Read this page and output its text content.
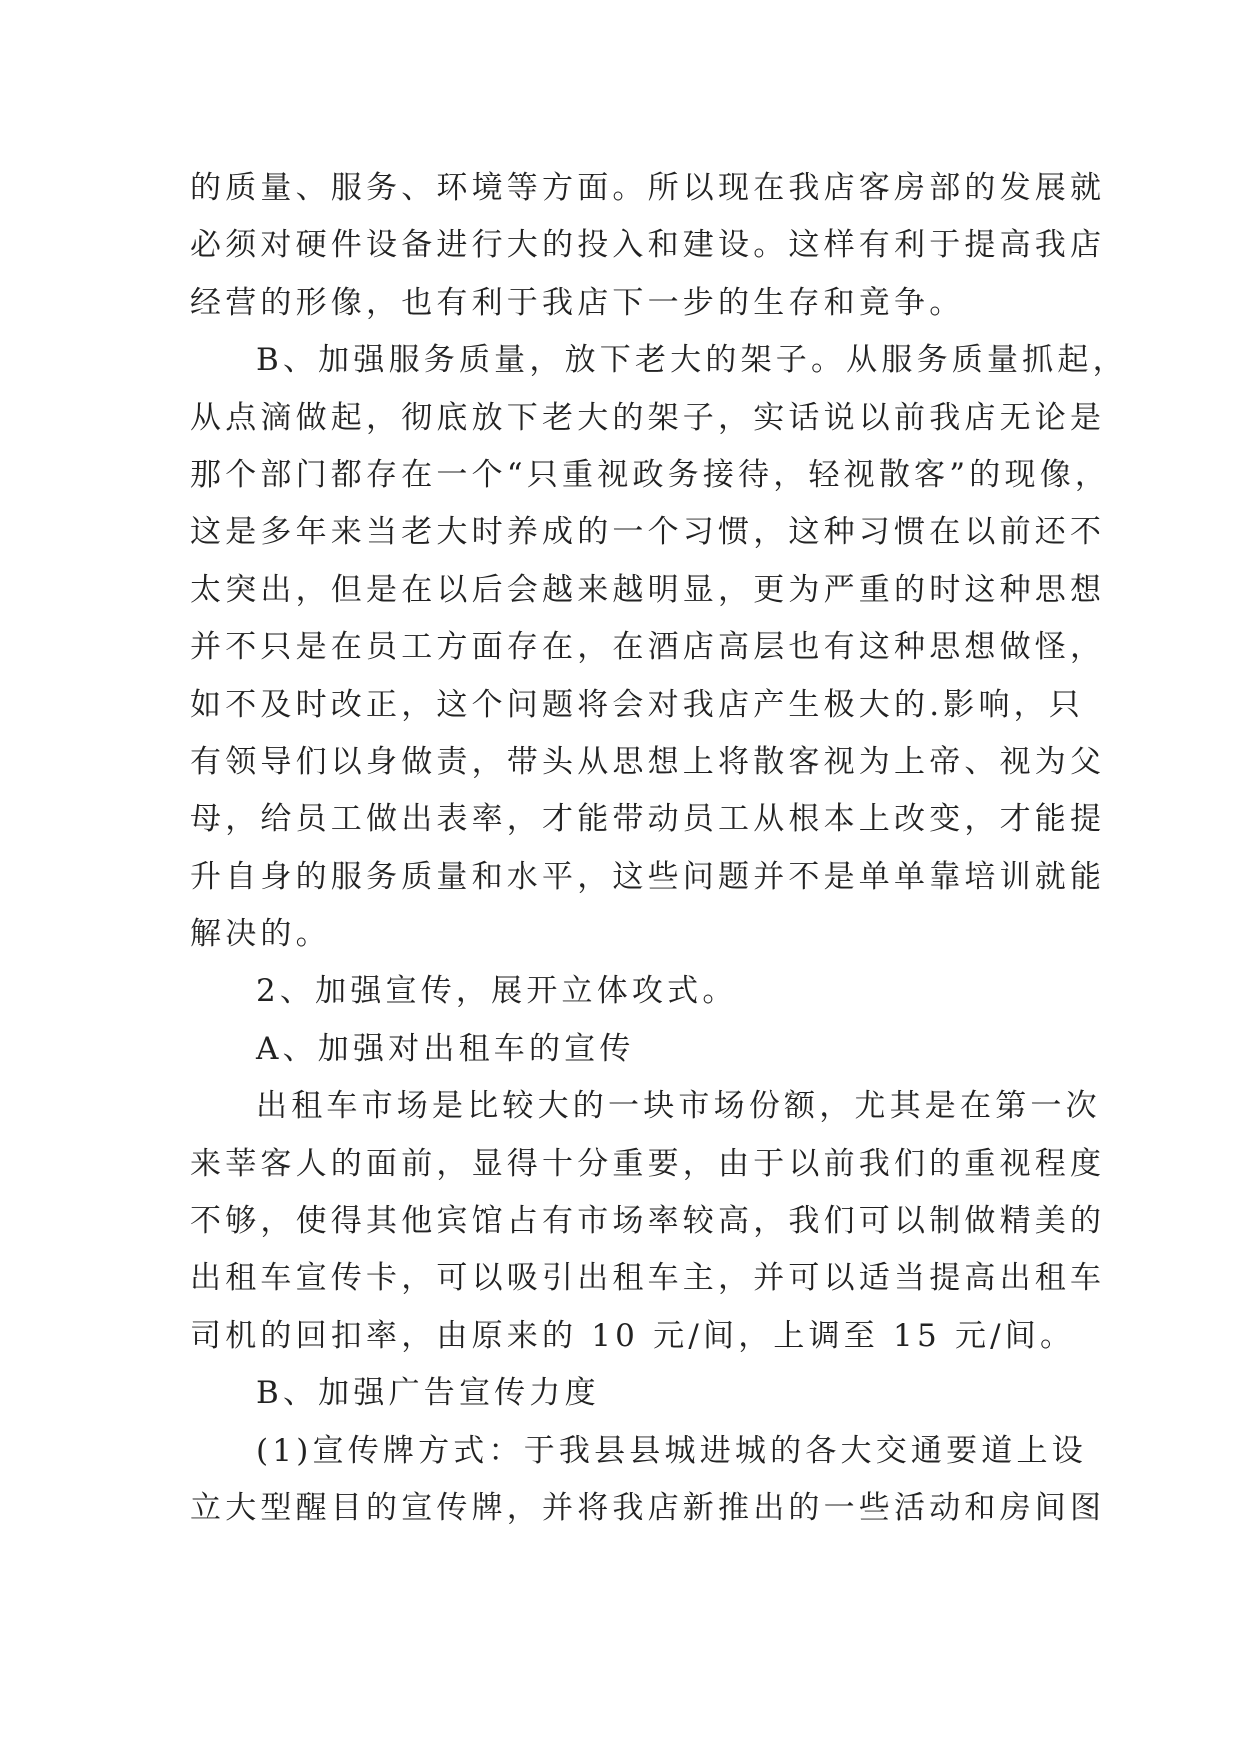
的质量、服务、环境等方面。所以现在我店客房部的发展就
必须对硬件设备进行大的投入和建设。这样有利于提高我店
经营的形像，也有利于我店下一步的生存和竟争。
B、加强服务质量，放下老大的架子。从服务质量抓起，
从点滴做起，彻底放下老大的架子，实话说以前我店无论是
那个部门都存在一个“只重视政务接待，轻视散客”的现像，
这是多年来当老大时养成的一个习惯，这种习惯在以前还不
太突出，但是在以后会越来越明显，更为严重的时这种思想
并不只是在员工方面存在，在酒店高层也有这种思想做怪，
如不及时改正，这个问题将会对我店产生极大的.影响，只
有领导们以身做责，带头从思想上将散客视为上帝、视为父
母，给员工做出表率，才能带动员工从根本上改变，才能提
升自身的服务质量和水平，这些问题并不是单单靠培训就能
解决的。
2、加强宣传，展开立体攻式。
A、加强对出租车的宣传
出租车市场是比较大的一块市场份额，尤其是在第一次
来莘客人的面前，显得十分重要，由于以前我们的重视程度
不够，使得其他宾馆占有市场率较高，我们可以制做精美的
出租车宣传卡，可以吸引出租车主，并可以适当提高出租车
司机的回扣率，由原来的 10 元/间，上调至 15 元/间。
B、加强广告宣传力度
(1)宣传牌方式：于我县县城进城的各大交通要道上设
立大型醒目的宣传牌，并将我店新推出的一些活动和房间图
